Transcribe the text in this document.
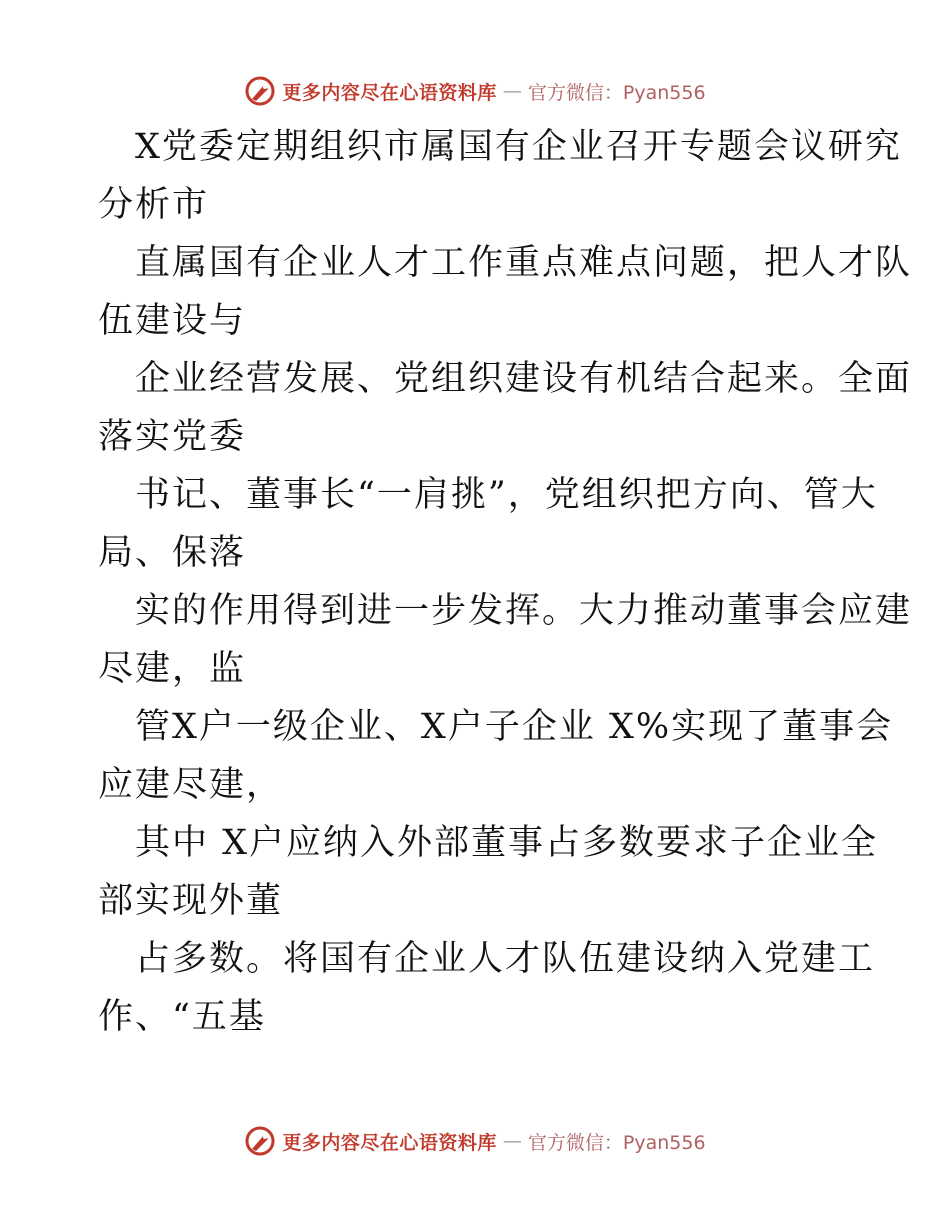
更多内容尽在心语资料库 — 官方微信：Pyan556
X党委定期组织市属国有企业召开专题会议研究
分析市
直属国有企业人才工作重点难点问题，把人才队
伍建设与
企业经营发展、党组织建设有机结合起来。全面
落实党委
书记、董事长“一肩挑”，党组织把方向、管大
局、保落
实的作用得到进一步发挥。大力推动董事会应建
尽建，监
管X户一级企业、X户子企业 X%实现了董事会
应建尽建，
其中 X户应纳入外部董事占多数要求子企业全
部实现外董
占多数。将国有企业人才队伍建设纳入党建工
作、“五基
更多内容尽在心语资料库 — 官方微信：Pyan556
